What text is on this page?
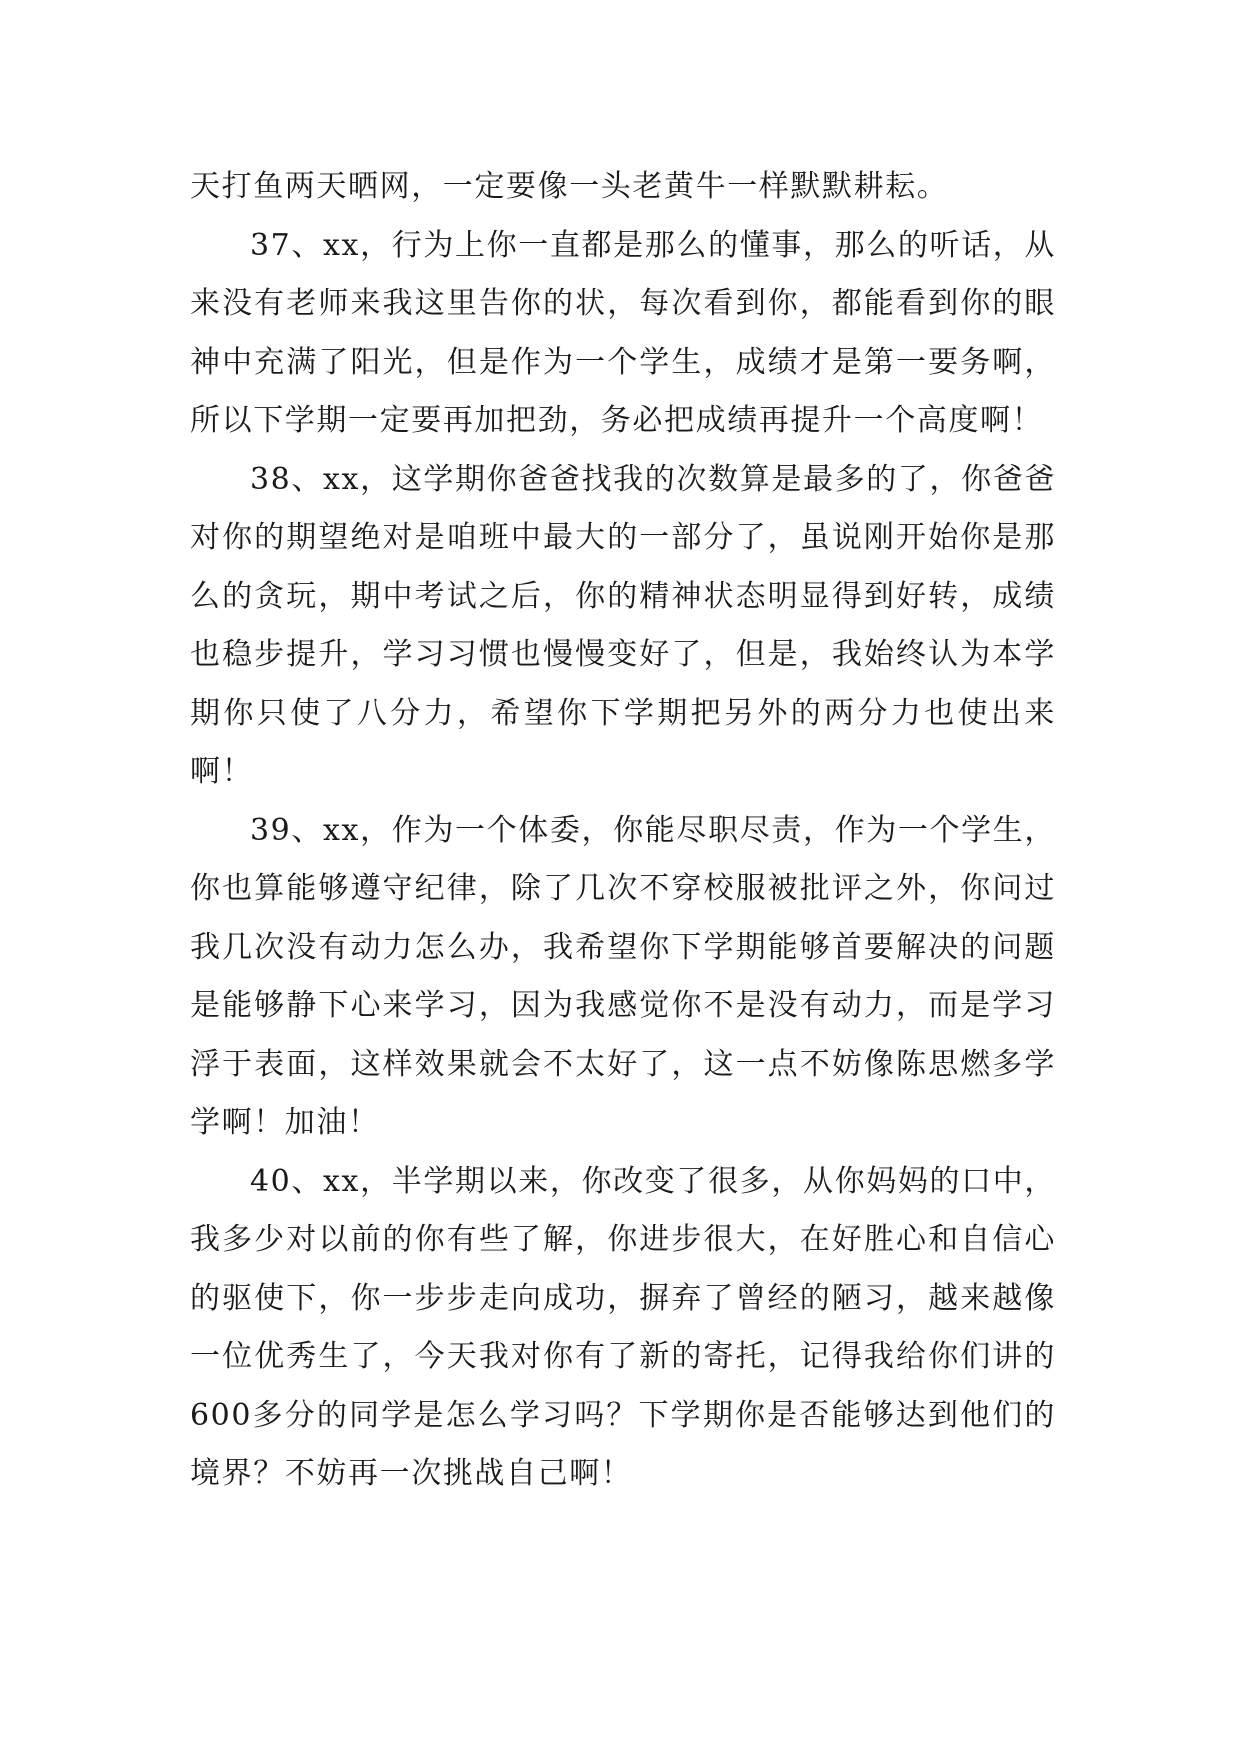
天打鱼两天晒网，一定要像一头老黄牛一样默默耕耘。

37、xx，行为上你一直都是那么的懂事，那么的听话，从来没有老师来我这里告你的状，每次看到你，都能看到你的眼神中充满了阳光，但是作为一个学生，成绩才是第一要务啊，所以下学期一定要再加把劲，务必把成绩再提升一个高度啊！

38、xx，这学期你爸爸找我的次数算是最多的了，你爸爸对你的期望绝对是咱班中最大的一部分了，虽说刚开始你是那么的贪玩，期中考试之后，你的精神状态明显得到好转，成绩也稳步提升，学习习惯也慢慢变好了，但是，我始终认为本学期你只使了八分力，希望你下学期把另外的两分力也使出来啊！

39、xx，作为一个体委，你能尽职尽责，作为一个学生，你也算能够遵守纪律，除了几次不穿校服被批评之外，你问过我几次没有动力怎么办，我希望你下学期能够首要解决的问题是能够静下心来学习，因为我感觉你不是没有动力，而是学习浮于表面，这样效果就会不太好了，这一点不妨像陈思燃多学学啊！加油！

40、xx，半学期以来，你改变了很多，从你妈妈的口中，我多少对以前的你有些了解，你进步很大，在好胜心和自信心的驱使下，你一步步走向成功，摒弃了曾经的陋习，越来越像一位优秀生了，今天我对你有了新的寄托，记得我给你们讲的600多分的同学是怎么学习吗？下学期你是否能够达到他们的境界？不妨再一次挑战自己啊！
